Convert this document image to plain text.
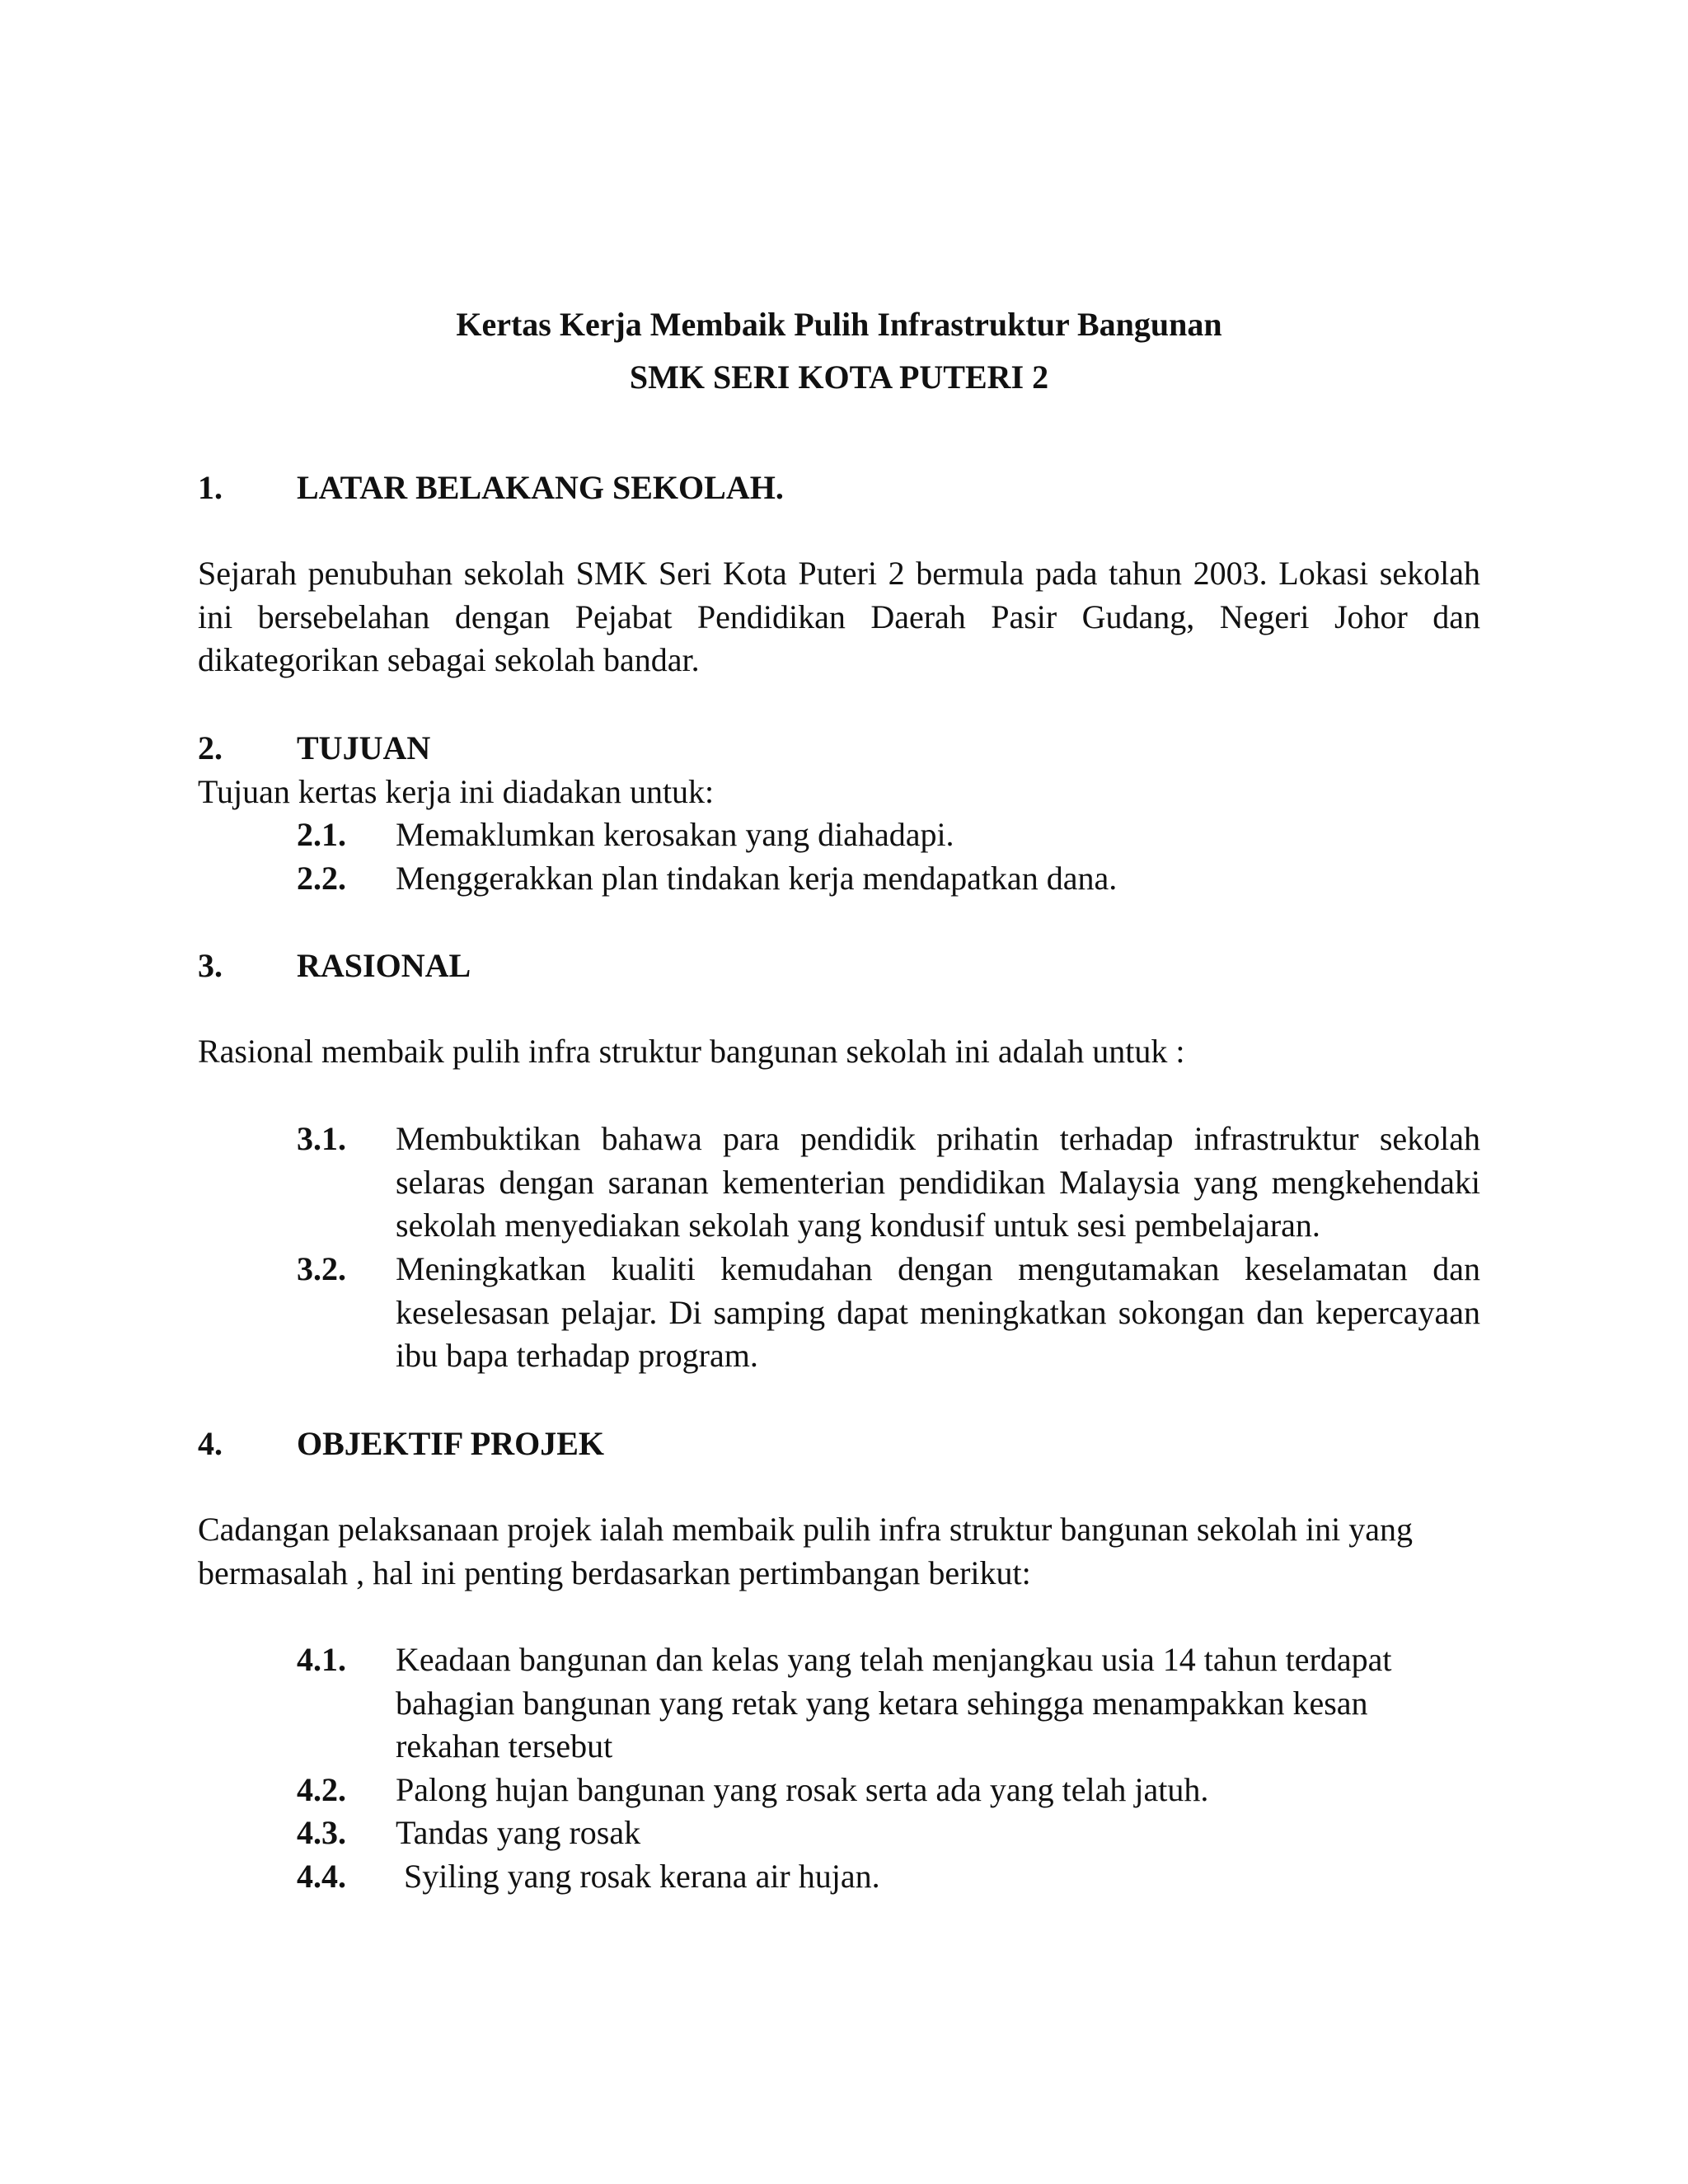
Kertas Kerja Membaik Pulih Infrastruktur Bangunan
SMK SERI KOTA PUTERI 2
1. LATAR BELAKANG SEKOLAH.
Sejarah penubuhan sekolah SMK Seri Kota Puteri 2 bermula pada tahun 2003. Lokasi sekolah ini bersebelahan dengan Pejabat Pendidikan Daerah Pasir Gudang, Negeri Johor dan dikategorikan sebagai sekolah bandar.
2. TUJUAN
Tujuan kertas kerja ini diadakan untuk:
2.1. Memaklumkan kerosakan yang diahadapi.
2.2. Menggerakkan plan tindakan kerja mendapatkan dana.
3. RASIONAL
Rasional membaik pulih infra struktur bangunan sekolah ini adalah untuk :
3.1. Membuktikan bahawa para pendidik prihatin terhadap infrastruktur sekolah selaras dengan saranan kementerian pendidikan Malaysia yang mengkehendaki sekolah menyediakan sekolah yang kondusif untuk sesi pembelajaran.
3.2. Meningkatkan kualiti kemudahan dengan mengutamakan keselamatan dan keselesasan pelajar. Di samping dapat meningkatkan sokongan dan kepercayaan ibu bapa terhadap program.
4. OBJEKTIF PROJEK
Cadangan pelaksanaan projek ialah membaik pulih infra struktur bangunan sekolah ini yang bermasalah , hal ini penting berdasarkan pertimbangan berikut:
4.1. Keadaan bangunan dan kelas yang telah menjangkau usia 14 tahun terdapat bahagian bangunan yang retak yang ketara sehingga menampakkan kesan rekahan tersebut
4.2. Palong hujan bangunan yang rosak serta ada yang telah jatuh.
4.3. Tandas yang rosak
4.4. Syiling yang rosak kerana air hujan.
